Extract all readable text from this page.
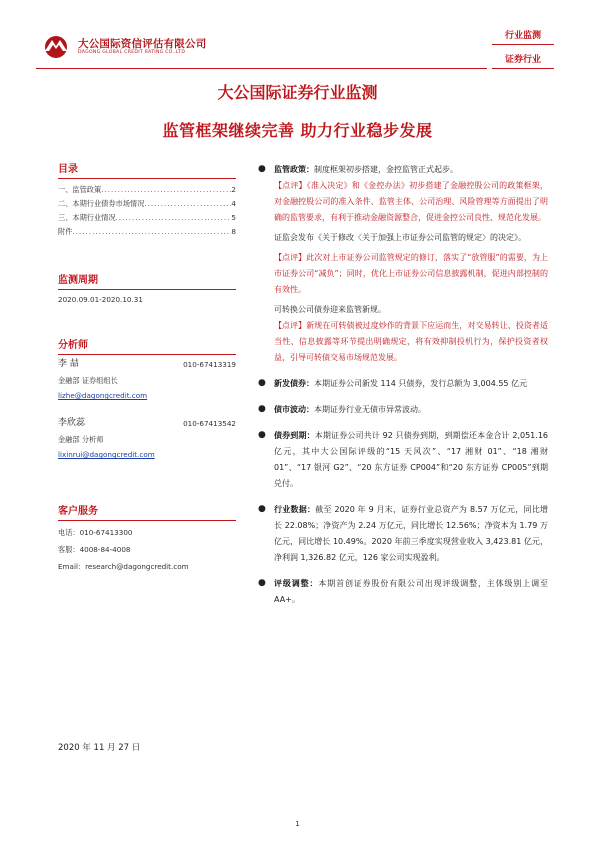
大公国际资信评估有限公司
DAGONG GLOBAL CREDIT RATING CO.,LTD
行业监测
证券行业
大公国际证券行业监测
监管框架继续完善 助力行业稳步发展
目录
一、监管政策 .....	2
二、本期行业债券市场情况 .....	4
三、本期行业情况 .....	5
附件 .....	8
监测周期
2020.09.01-2020.10.31
分析师
李 喆	010-67413319
金融部 证券组组长
lizhe@dagongcredit.com
李欣蕊	010-67413542
金融部 分析师
lixinrui@dagongcredit.com
客户服务
电话：010-67413300
客服：4008-84-4008
Email：research@dagongcredit.com
2020 年 11 月 27 日
● 监管政策：制度框架初步搭建，金控监管正式起步。
【点评】《准入决定》和《金控办法》初步搭建了金融控股公司的政策框架，对金融控股公司的准入条件、监管主体、公司治理、风险管理等方面提出了明确的监管要求，有利于推动金融资源整合，促进金控公司良性、规范化发展。
证监会发布《关于修改〈关于加强上市证券公司监管的规定〉的决定》。
【点评】此次对上市证券公司监管规定的修订，落实了“放管服”的需要，为上市证券公司“减负”；同时，优化上市证券公司信息披露机制，促进内部控制的有效性。
可转换公司债券迎来监管新规。
【点评】新规在可转债被过度炒作的背景下应运而生，对交易转让、投资者适当性、信息披露等环节提出明确规定，将有效抑制投机行为，保护投资者权益，引导可转债交易市场规范发展。
● 新发债券：本期证券公司新发 114 只债券，发行总额为 3,004.55 亿元
● 债市波动：本期证券行业无债市异常波动。
● 债券到期：本期证券公司共计 92 只债券到期，到期偿还本金合计 2,051.16 亿元，其中大公国际评级的“15 天风次”、“17 湘财 01”、“18 湘财 01”、“17 银河 G2”、“20 东方证券 CP004”和“20 东方证券 CP005”到期兑付。
● 行业数据：截至 2020 年 9 月末，证券行业总资产为 8.57 万亿元，同比增长 22.08%；净资产为 2.24 万亿元，同比增长 12.56%；净资本为 1.79 万亿元，同比增长 10.49%。2020 年前三季度实现营业收入 3,423.81 亿元，净利润 1,326.82 亿元，126 家公司实现盈利。
● 评级调整：本期首创证券股份有限公司出现评级调整，主体级别上调至 AA+。
1
